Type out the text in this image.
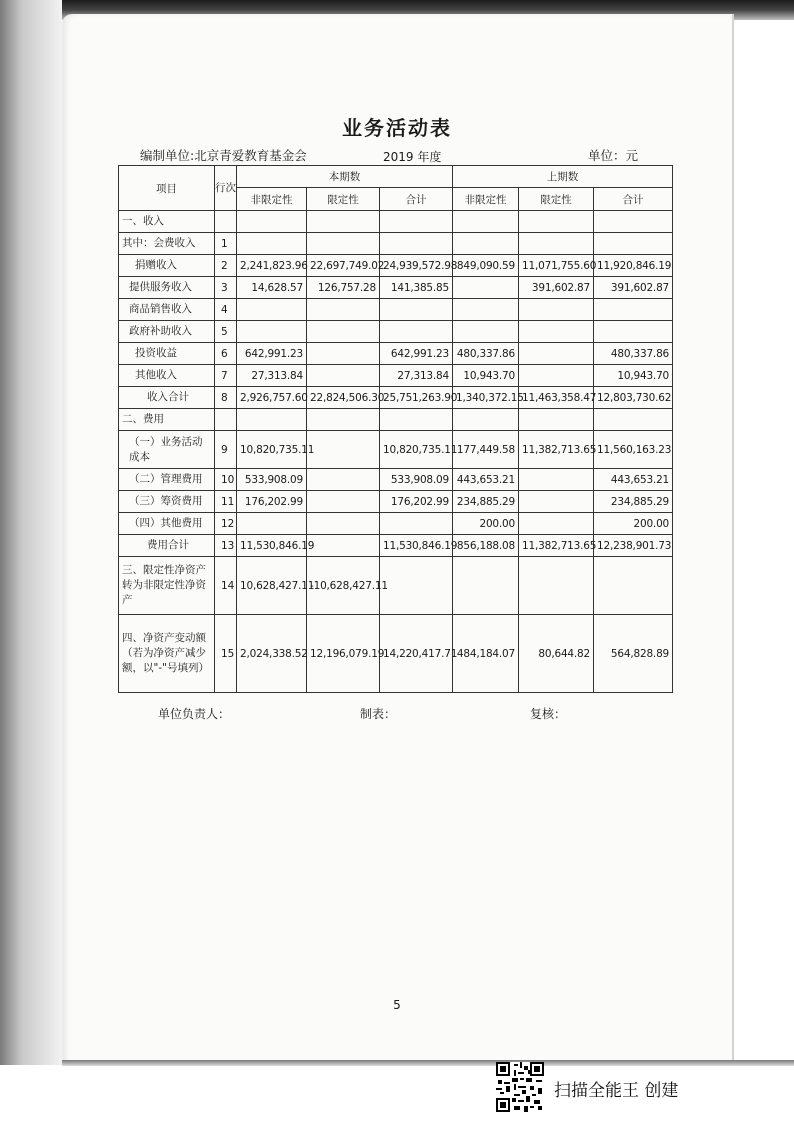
业务活动表
编制单位:北京青爱教育基金会	2019 年度	单位：元
项目	行次	本期数			上期数		
		非限定性	限定性	合计	非限定性	限定性	合计
一、收入							
其中：会费收入	1						
捐赠收入	2	2,241,823.96	22,697,749.02	24,939,572.98	849,090.59	11,071,755.60	11,920,846.19
提供服务收入	3	14,628.57	126,757.28	141,385.85		391,602.87	391,602.87
商品销售收入	4						
政府补助收入	5						
投资收益	6	642,991.23		642,991.23	480,337.86		480,337.86
其他收入	7	27,313.84		27,313.84	10,943.70		10,943.70
收入合计	8	2,926,757.60	22,824,506.30	25,751,263.90	1,340,372.15	11,463,358.47	12,803,730.62
二、费用							
（一）业务活动成本	9	10,820,735.11		10,820,735.11	177,449.58	11,382,713.65	11,560,163.23
（二）管理费用	10	533,908.09		533,908.09	443,653.21		443,653.21
（三）筹资费用	11	176,202.99		176,202.99	234,885.29		234,885.29
（四）其他费用	12				200.00		200.00
费用合计	13	11,530,846.19		11,530,846.19	856,188.08	11,382,713.65	12,238,901.73
三、限定性净资产转为非限定性净资产	14	10,628,427.11	-10,628,427.11				
四、净资产变动额（若为净资产减少额，以"-"号填列）	15	2,024,338.52	12,196,079.19	14,220,417.71	484,184.07	80,644.82	564,828.89
单位负责人：	制表：	复核：
5
扫描全能王 创建
